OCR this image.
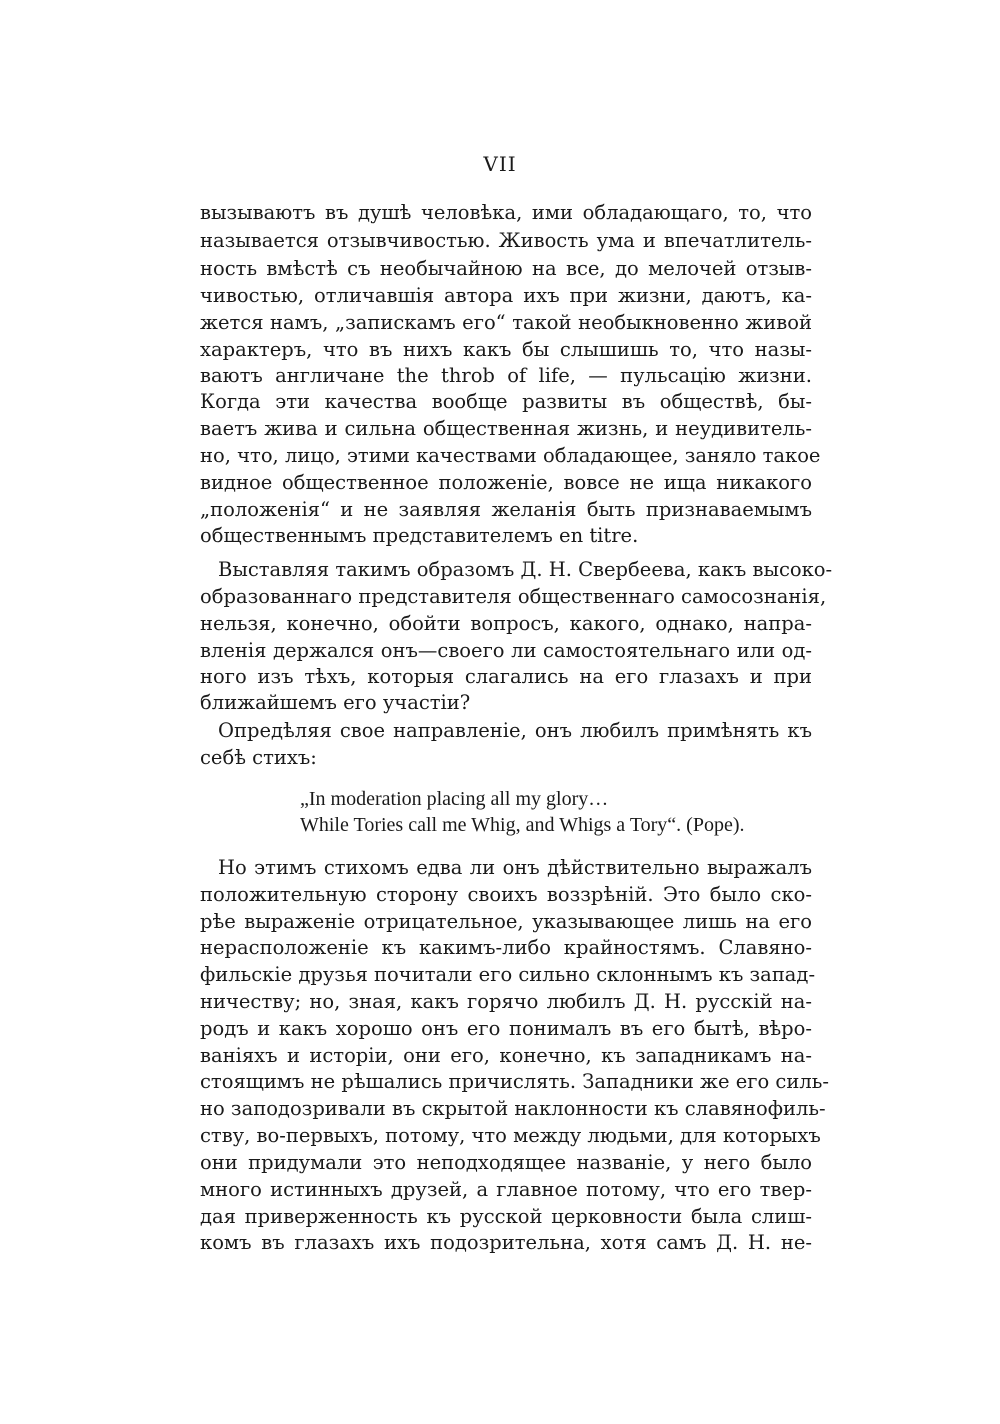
VII
вызываютъ въ душѣ человѣка, ими обладающаго, то, что
называется отзывчивостью. Живость ума и впечатлитель-
ность вмѣстѣ съ необычайною на все, до мелочей отзыв-
чивостью, отличавшія автора ихъ при жизни, даютъ, ка-
жется намъ, „запискамъ его“ такой необыкновенно живой
характеръ, что въ нихъ какъ бы слышишь то, что назы-
ваютъ англичане the throb of life, — пульсацію жизни.
Когда эти качества вообще развиты въ обществѣ, бы-
ваетъ жива и сильна общественная жизнь, и неудивитель-
но, что, лицо, этими качествами обладающее, заняло такое
видное общественное положеніе, вовсе не ища никакого
„положенія“ и не заявляя желанія быть признаваемымъ
общественнымъ представителемъ en titre.
Выставляя такимъ образомъ Д. Н. Свербеева, какъ высоко-
образованнаго представителя общественнаго самосознанія,
нельзя, конечно, обойти вопросъ, какого, однако, напра-
вленія держался онъ—своего ли самостоятельнаго или од-
ного изъ тѣхъ, которыя слагались на его глазахъ и при
ближайшемъ его участіи?
Опредѣляя свое направленіе, онъ любилъ примѣнять къ
себѣ стихъ:
„In moderation placing all my glory…
While Tories call me Whig, and Whigs a Tory“. (Pope).
Но этимъ стихомъ едва ли онъ дѣйствительно выражалъ
положительную сторону своихъ воззрѣній. Это было ско-
рѣе выраженіе отрицательное, указывающее лишь на его
нерасположеніе къ какимъ-либо крайностямъ. Славяно-
фильскіе друзья почитали его сильно склоннымъ къ запад-
ничеству; но, зная, какъ горячо любилъ Д. Н. русскій на-
родъ и какъ хорошо онъ его понималъ въ его бытѣ, вѣро-
ваніяхъ и исторіи, они его, конечно, къ западникамъ на-
стоящимъ не рѣшались причислять. Западники же его силь-
но заподозривали въ скрытой наклонности къ славянофиль-
ству, во-первыхъ, потому, что между людьми, для которыхъ
они придумали это неподходящее названіе, у него было
много истинныхъ друзей, а главное потому, что его твер-
дая приверженность къ русской церковности была слиш-
комъ въ глазахъ ихъ подозрительна, хотя самъ Д. Н. не-
